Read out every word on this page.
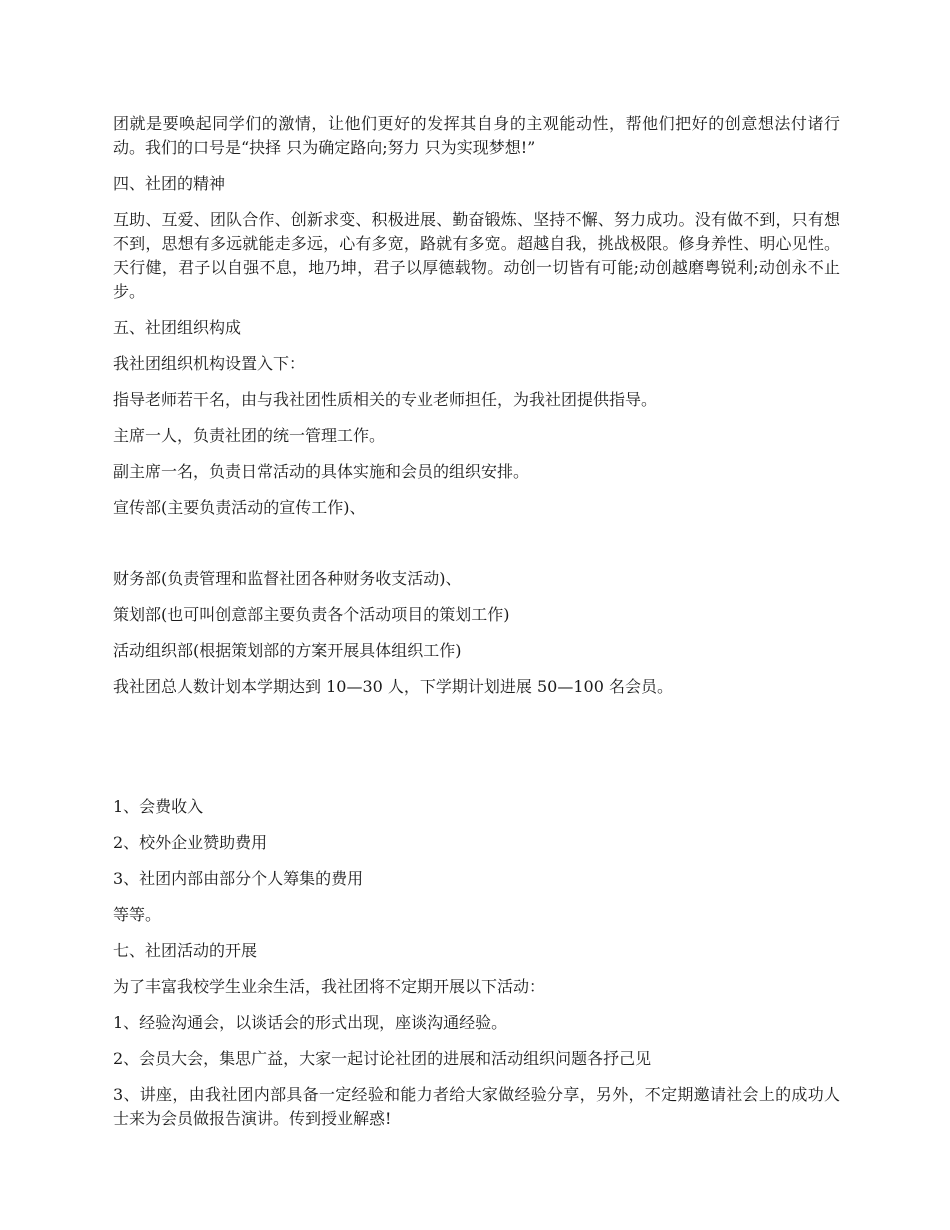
团就是要唤起同学们的激情，让他们更好的发挥其自身的主观能动性，帮他们把好的创意想法付诸行动。我们的口号是“抉择 只为确定路向;努力 只为实现梦想!”

四、社团的精神

互助、互爱、团队合作、创新求变、积极进展、勤奋锻炼、坚持不懈、努力成功。没有做不到，只有想不到，思想有多远就能走多远，心有多宽，路就有多宽。超越自我，挑战极限。修身养性、明心见性。天行健，君子以自强不息，地乃坤，君子以厚德载物。动创一切皆有可能;动创越磨粤锐利;动创永不止步。

五、社团组织构成

我社团组织机构设置入下：

指导老师若干名，由与我社团性质相关的专业老师担任，为我社团提供指导。

主席一人，负责社团的统一管理工作。

副主席一名，负责日常活动的具体实施和会员的组织安排。

宣传部(主要负责活动的宣传工作)、

财务部(负责管理和监督社团各种财务收支活动)、

策划部(也可叫创意部主要负责各个活动项目的策划工作)

活动组织部(根据策划部的方案开展具体组织工作)

我社团总人数计划本学期达到 10—30 人，下学期计划进展 50—100 名会员。

1、会费收入

2、校外企业赞助费用

3、社团内部由部分个人筹集的费用

等等。

七、社团活动的开展

为了丰富我校学生业余生活，我社团将不定期开展以下活动：

1、经验沟通会，以谈话会的形式出现，座谈沟通经验。

2、会员大会，集思广益，大家一起讨论社团的进展和活动组织问题各抒己见

3、讲座，由我社团内部具备一定经验和能力者给大家做经验分享，另外，不定期邀请社会上的成功人士来为会员做报告演讲。传到授业解惑!
